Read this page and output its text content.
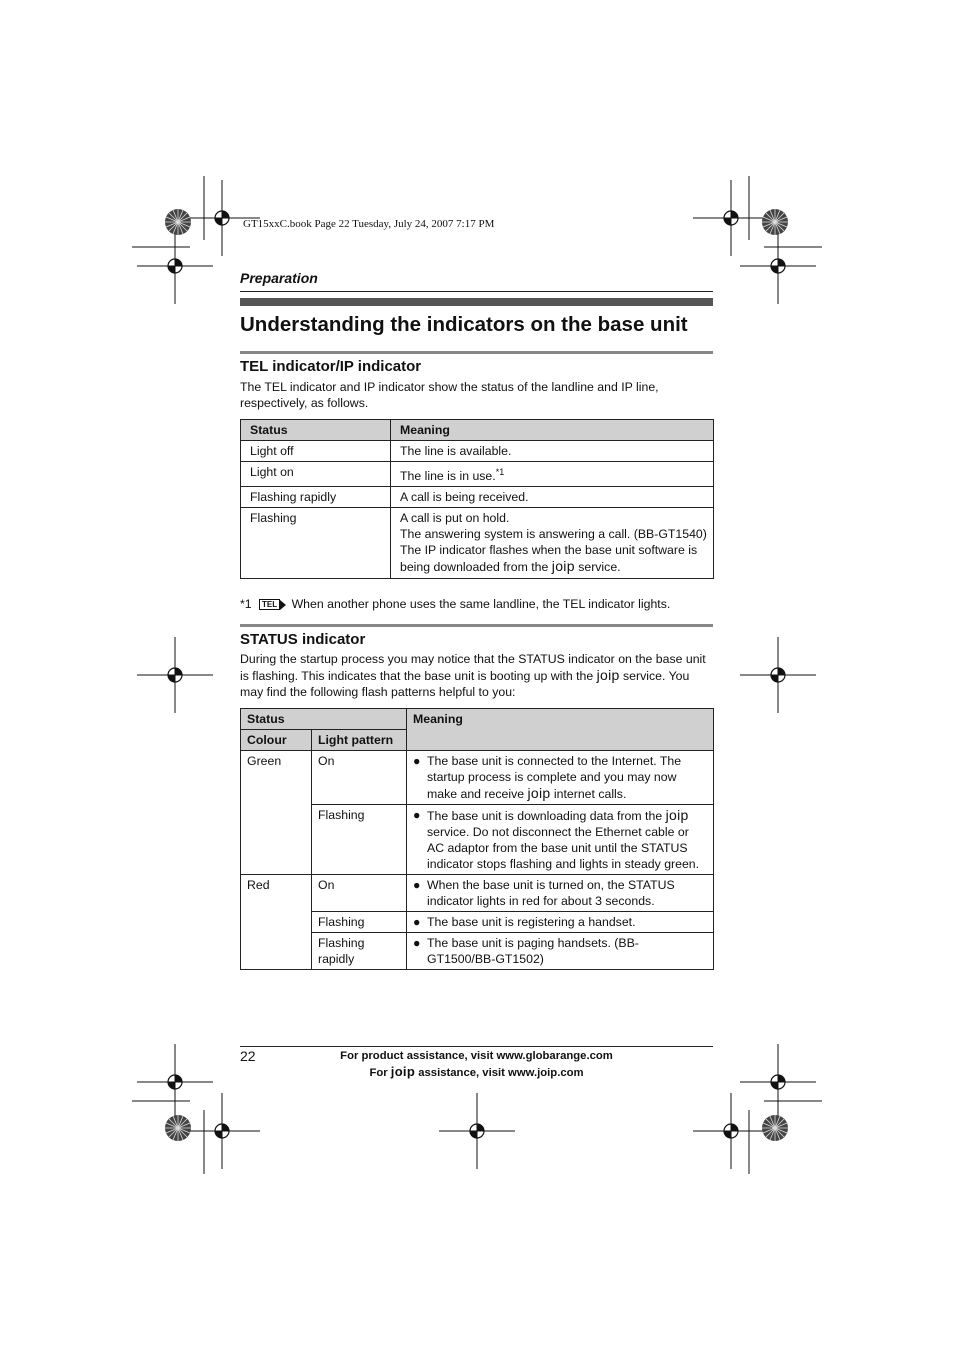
GT15xxC.book Page 22 Tuesday, July 24, 2007 7:17 PM
Preparation
Understanding the indicators on the base unit
TEL indicator/IP indicator
The TEL indicator and IP indicator show the status of the landline and IP line, respectively, as follows.
Status	Meaning
Light off	The line is available.
Light on	The line is in use.$^{*1}$
Flashing rapidly	A call is being received.
Flashing	A call is put on hold.
The answering system is answering a call. (BB-GT1540)
The IP indicator flashes when the base unit software is being downloaded from the joip service.
*1	TEL When another phone uses the same landline, the TEL indicator lights.
STATUS indicator
During the startup process you may notice that the STATUS indicator on the base unit is flashing. This indicates that the base unit is booting up with the joip service. You may find the following flash patterns helpful to you:
Status		Meaning
Colour	Light pattern	
Green	On	● The base unit is connected to the Internet. The startup process is complete and you may now make and receive joip internet calls.

	Flashing	● The base unit is downloading data from the joip service. Do not disconnect the Ethernet cable or AC adaptor from the base unit until the STATUS indicator stops flashing and lights in steady green.

Red	On	● When the base unit is turned on, the STATUS indicator lights in red for about 3 seconds.

	Flashing	● The base unit is registering a handset.

	Flashing rapidly	● The base unit is paging handsets. (BB-GT1500/BB-GT1502)
22	For product assistance, visit www.globarange.com
For joip assistance, visit www.joip.com
